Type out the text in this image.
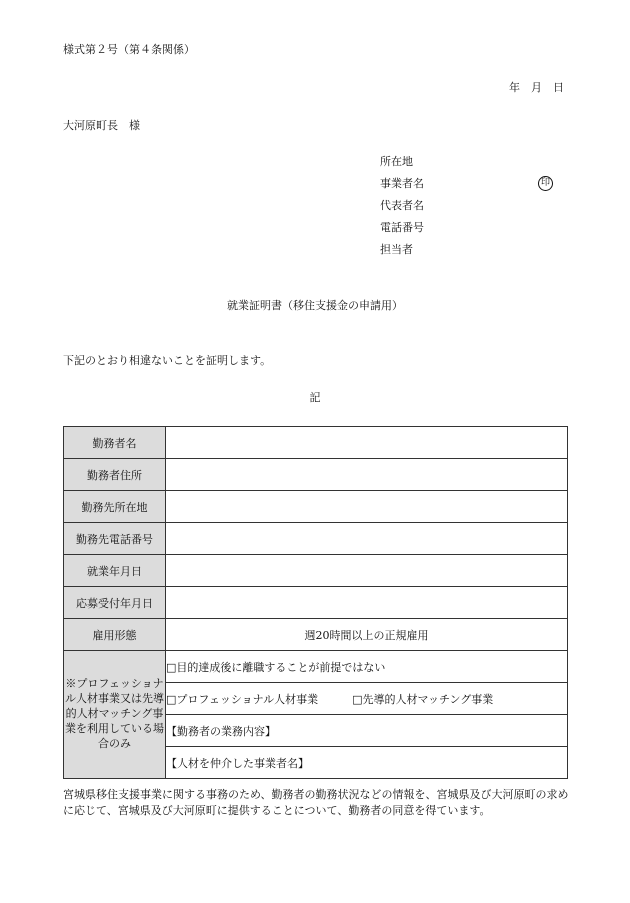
様式第２号（第４条関係）
年　月　日
大河原町長　様
所在地
事業者名	印
代表者名
電話番号
担当者
就業証明書（移住支援金の申請用）
下記のとおり相違ないことを証明します。
記
勤務者名	
勤務者住所	
勤務先所在地	
勤務先電話番号	
就業年月日	
応募受付年月日	
雇用形態	週20時間以上の正規雇用
※プロフェッショナル人材事業又は先導的人材マッチング事業を利用している場合のみ	□目的達成後に離職することが前提ではない
	□プロフェッショナル人材事業 □先導的人材マッチング事業
	【勤務者の業務内容】
	【人材を仲介した事業者名】
宮城県移住支援事業に関する事務のため、勤務者の勤務状況などの情報を、宮城県及び大河原町の求めに応じて、宮城県及び大河原町に提供することについて、勤務者の同意を得ています。
